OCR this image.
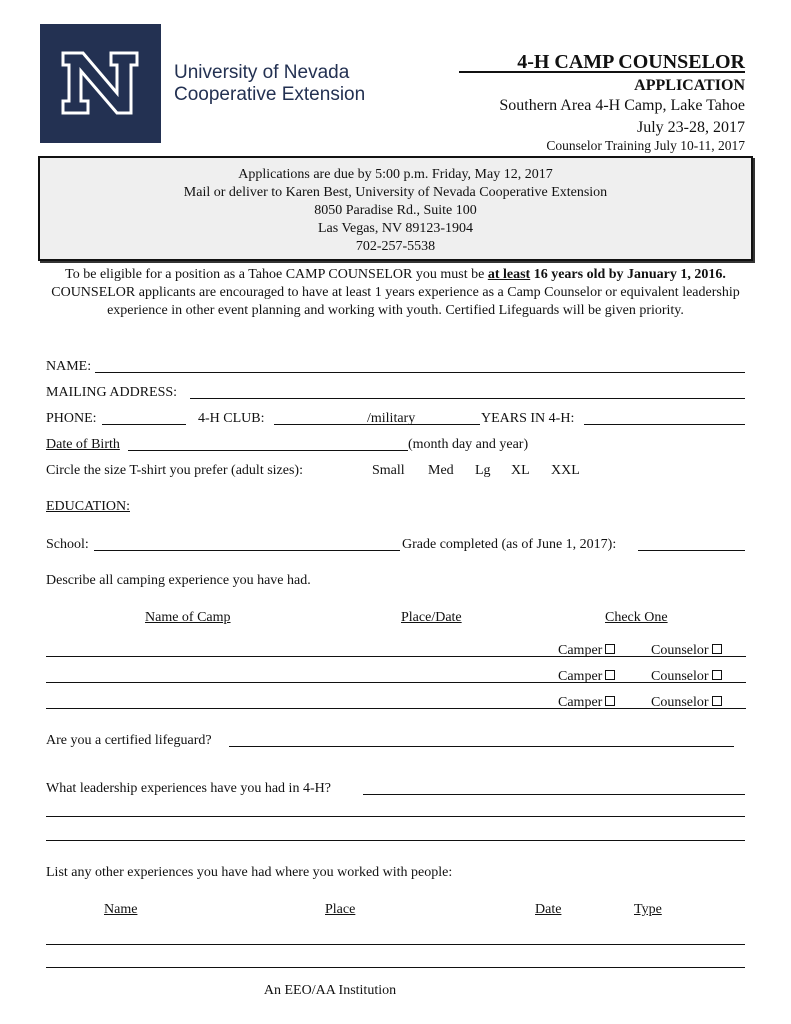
University of Nevada
Cooperative Extension
4-H CAMP COUNSELOR
APPLICATION
Southern Area 4-H Camp, Lake Tahoe
July 23-28, 2017
Counselor Training July 10-11, 2017
Applications are due by 5:00 p.m. Friday, May 12, 2017
Mail or deliver to Karen Best, University of Nevada Cooperative Extension
8050 Paradise Rd., Suite 100
Las Vegas, NV 89123-1904
702-257-5538
To be eligible for a position as a Tahoe CAMP COUNSELOR you must be at least 16 years old by January 1, 2016. COUNSELOR applicants are encouraged to have at least 1 years experience as a Camp Counselor or equivalent leadership experience in other event planning and working with youth. Certified Lifeguards will be given priority.
NAME:
MAILING ADDRESS:
PHONE:	4-H CLUB:	/military	YEARS IN 4-H:
Date of Birth	(month day and year)
Circle the size T-shirt you prefer (adult sizes):	Small Med Lg XL XXL
EDUCATION:
School:	Grade completed (as of June 1, 2017):
Describe all camping experience you have had.
Name of Camp	Place/Date	Check One
Camper	Counselor
Camper	Counselor
Camper	Counselor
Are you a certified lifeguard?
What leadership experiences have you had in 4-H?
List any other experiences you have had where you worked with people:
Name	Place	Date	Type
An EEO/AA Institution
